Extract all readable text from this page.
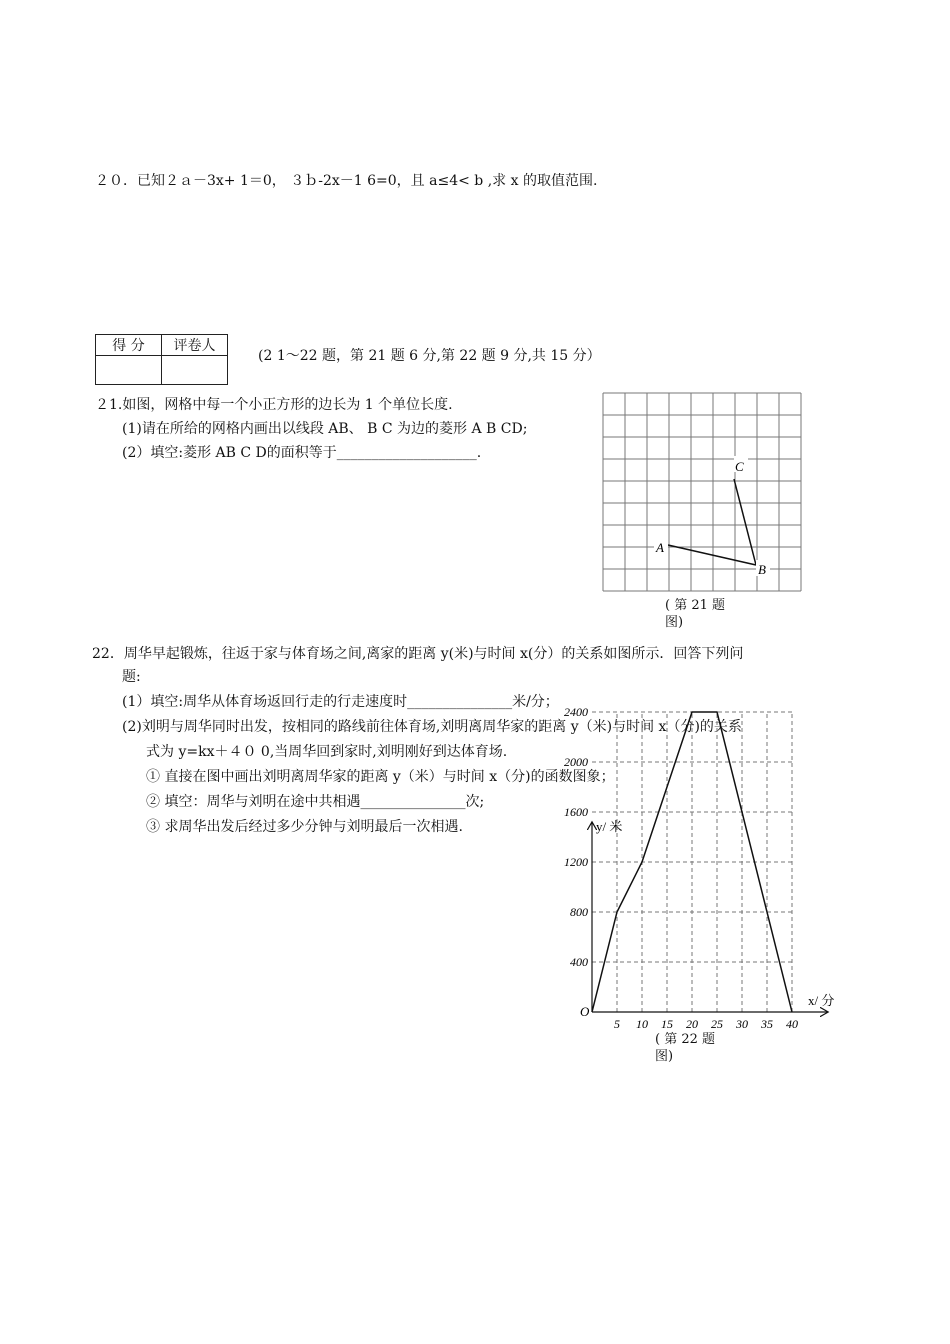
２０．已知２ａ－3x+ 1＝0， ３ｂ-2x－1 6=0，且 a≤4< b ,求 x 的取值范围.
得 分	评卷人

(2 1～22 题，第 21 题 6 分,第 22 题 9 分,共 15 分）
２1.如图，网格中每一个小正方形的边长为 1 个单位长度.
(1)请在所给的网格内画出以线段 AB、 B C 为边的菱形 A B CD;
(2）填空:菱形 AB C D的面积等于____________________.
C
A
B
( 第 21 题
图)
22．周华早起锻炼，往返于家与体育场之间,离家的距离 y(米)与时间 x(分）的关系如图所示．回答下列问
题:
(1）填空:周华从体育场返回行走的行走速度时_______________米/分；
(2)刘明与周华同时出发，按相同的路线前往体育场,刘明离周华家的距离 y（米)与时间 x（分)的关系
式为 y=kx＋４０ 0,当周华回到家时,刘明刚好到达体育场.
① 直接在图中画出刘明离周华家的距离 y（米）与时间 x（分)的函数图象；
② 填空：周华与刘明在途中共相遇_______________次;
③ 求周华出发后经过多少分钟与刘明最后一次相遇.
O
x/ 分
y/ 米
5 10 15 20 25 30 35 40
400
800
1200
1600
2000
2400
( 第 22 题
图)
